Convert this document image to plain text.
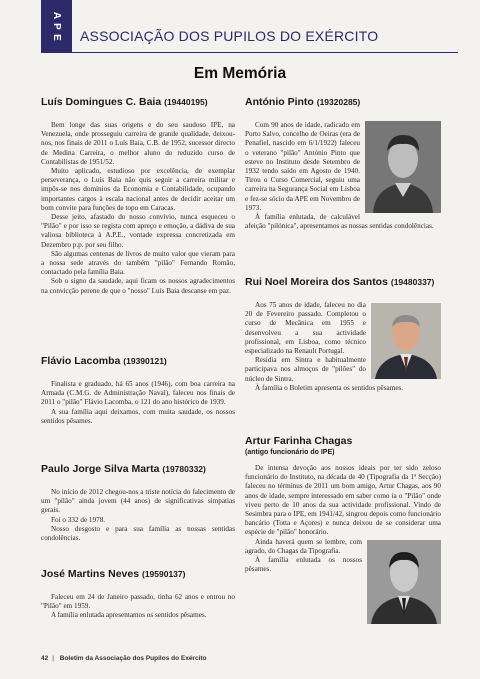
A
P
E ASSOCIAÇÃO DOS PUPILOS DO EXÉRCITO
Em Memória
Luís Domingues C. Baia (19440195)

Bem longe das suas origens e do seu saudoso IPE, na Venezuela, onde prosseguiu carreira de grande qualidade, deixou-nos, nos finais de 2011 o Luís Baia, C.B. de 1952, sucessor directo de Medina Carreira, o melhor aluno do reduzido curso de Contabilistas de 1951/52.

Muito aplicado, estudioso por excelência, de exemplar perseverança, o Luís Baia não quis seguir a carreira militar e impôs-se nos domínios da Economia e Contabilidade, ocupando importantes cargos à escala nacional antes de decidir aceitar um bom convite para funções de topo em Caracas.

Desse jeito, afastado do nosso convívio, nunca esqueceu o "Pilão" e por isso se regista com apreço e emoção, a dádiva de sua valiosa biblioteca à A.P.E., vontade expressa concretizada em Dezembro p.p. por seu filho.

São algumas centenas de livros de muito valor que vieram para a nossa sede através do também "pilão" Fernando Romão, contactado pela família Baia.

Sob o signo da saudade, aqui ficam os nossos agradecimentos na convicção perene de que o "nosso" Luís Baia descanse em paz.

Flávio Lacomba (19390121)

Finalista e graduado, há 65 anos (1946), com boa carreira na Armada (C.M.G. de Administração Naval), faleceu nos finais de 2011 o "pilão" Flávio Lacomba, o 121 do ano histórico de 1939.

A sua família aqui deixamos, com muita saudade, os nossos sentidos pêsames.

Paulo Jorge Silva Marta (19780332)

No início de 2012 chegou-nos a triste notícia do falecimento de um "pilão" ainda jovem (44 anos) de significativas simpatias gerais.

Foi o 332 de 1978.

Nosso desgosto e para sua família as nossas sentidas condolências.

José Martins Neves (19590137)

Faleceu em 24 de Janeiro passado, tinha 62 anos e entrou no "Pilão" em 1959.

A família enlutada apresentamos os sentidos pêsames.

António Pinto (19320285)

Com 90 anos de idade, radicado em Porto Salvo, concelho de Oeiras (era de Penafiel, nascido em 6/1/1922) faleceu o veterano "pilão" António Pinto que esteve no Instituto desde Setembro de 1932 tendo saído em Agosto de 1940. Tirou o Curso Comercial, seguiu uma carreira na Segurança Social em Lisboa e fez-se sócio da APE em Novembro de 1973.

À família enlutada, de calculável afeição "pilónica", apresentamos as nossas sentidas condolências.

Rui Noel Moreira dos Santos (19480337)

Aos 75 anos de idade, faleceu no dia 20 de Fevereiro passado. Completou o curso de Mecânica em 1955 e desenvolveu a sua actividade profissional, em Lisboa, como técnico especializado na Renault Portugal.

Residia em Sintra e habitualmente participava nos almoços de "pilões" do núcleo de Sintra.

À família o Boletim apresenta os sentidos pêsames.

Artur Farinha Chagas
(antigo funcionário do IPE)

De intensa devoção aos nossos ideais por ter sido zeloso funcionário do Instituto, na década de 40 (Tipografia da 1ª Secção) faleceu no términus de 2011 um bom amigo, Artur Chagas, aos 90 anos de idade, sempre interessado em saber como ia o "Pilão" onde viveu perto de 10 anos da sua actividade profissional. Vindo de Sesimbra para o IPE, em 1941/42, singrou depois como funcionário bancário (Totta e Açores) e nunca deixou de se considerar uma espécie de "pilão" honorário.

Ainda haverá quem se lembre, com agrado, do Chagas da Tipografia.

À família enlutada os nossos pêsames.

42 | Boletim da Associação dos Pupilos do Exército
